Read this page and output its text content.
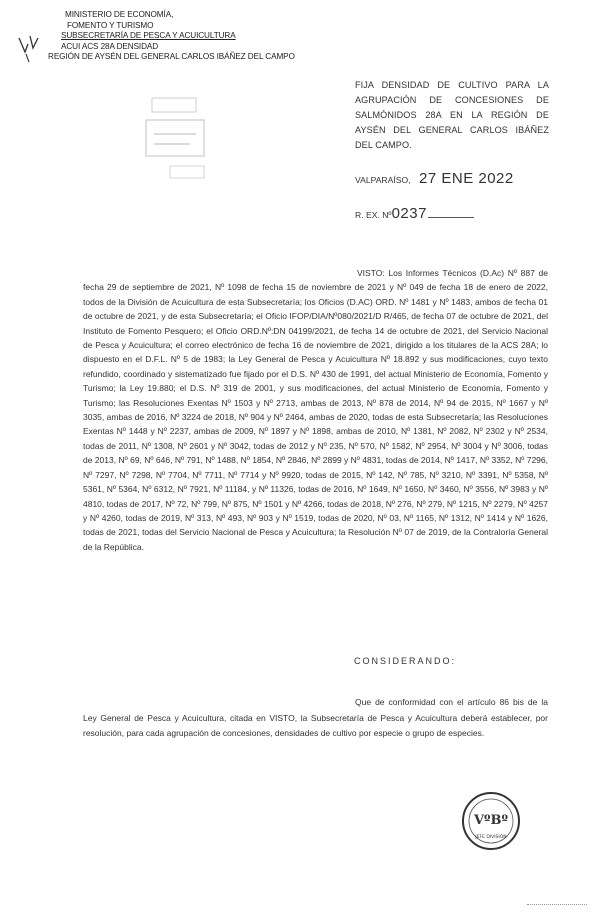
MINISTERIO DE ECONOMÍA,
FOMENTO Y TURISMO
SUBSECRETARÍA DE PESCA Y ACUICULTURA
ACUI ACS 28A DENSIDAD
REGIÓN DE AYSÉN DEL GENERAL CARLOS IBÁÑEZ DEL CAMPO
FIJA DENSIDAD DE CULTIVO PARA LA AGRUPACIÓN DE CONCESIONES DE SALMÓNIDOS 28A EN LA REGIÓN DE AYSÉN DEL GENERAL CARLOS IBÁÑEZ DEL CAMPO.
VALPARAÍSO, 27 ENE 2022
R. EX. Nº0237
VISTO: Los Informes Técnicos (D.Ac) Nº 887 de fecha 29 de septiembre de 2021, Nº 1098 de fecha 15 de noviembre de 2021 y Nº 049 de fecha 18 de enero de 2022, todos de la División de Acuicultura de esta Subsecretaría; los Oficios (D.AC) ORD. Nº 1481 y Nº 1483, ambos de fecha 01 de octubre de 2021, y de esta Subsecretaría; el Oficio IFOP/DIA/Nº080/2021/D R/465, de fecha 07 de octubre de 2021, del Instituto de Fomento Pesquero; el Oficio ORD.Nº:DN 04199/2021, de fecha 14 de octubre de 2021, del Servicio Nacional de Pesca y Acuicultura; el correo electrónico de fecha 16 de noviembre de 2021, dirigido a los titulares de la ACS 28A; lo dispuesto en el D.F.L. Nº 5 de 1983; la Ley General de Pesca y Acuicultura Nº 18.892 y sus modificaciones, cuyo texto refundido, coordinado y sistematizado fue fijado por el D.S. Nº 430 de 1991, del actual Ministerio de Economía, Fomento y Turismo; la Ley 19.880; el D.S. Nº 319 de 2001, y sus modificaciones, del actual Ministerio de Economía, Fomento y Turismo; las Resoluciones Exentas Nº 1503 y Nº 2713, ambas de 2013, Nº 878 de 2014, Nº 94 de 2015, Nº 1667 y Nº 3035, ambas de 2016, Nº 3224 de 2018, Nº 904 y Nº 2464, ambas de 2020, todas de esta Subsecretaría; las Resoluciones Exentas Nº 1448 y Nº 2237, ambas de 2009, Nº 1897 y Nº 1898, ambas de 2010, Nº 1381, Nº 2082, Nº 2302 y Nº 2534, todas de 2011, Nº 1308, Nº 2601 y Nº 3042, todas de 2012 y Nº 235, Nº 570, Nº 1582, Nº 2954, Nº 3004 y Nº 3006, todas de 2013, Nº 69, Nº 646, Nº 791, Nº 1488, Nº 1854, Nº 2846, Nº 2899 y Nº 4831, todas de 2014, Nº 1417, Nº 3352, Nº 7296, Nº 7297, Nº 7298, Nº 7704, Nº 7711, Nº 7714 y Nº 9920, todas de 2015, Nº 142, Nº 785, Nº 3210, Nº 3391, Nº 5358, Nº 5361, Nº 5364, Nº 6312, Nº 7921, Nº 11184, y Nº 11326, todas de 2016, Nº 1649, Nº 1650, Nº 3460, Nº 3556, Nº 3983 y Nº 4810, todas de 2017, Nº 72, Nº 799, Nº 875, Nº 1501 y Nº 4266, todas de 2018, Nº 276, Nº 279, Nº 1215, Nº 2279, Nº 4257 y Nº 4260, todas de 2019, Nº 313, Nº 493, Nº 903 y Nº 1519, todas de 2020, Nº 03, Nº 1165, Nº 1312, Nº 1414 y Nº 1626, todas de 2021, todas del Servicio Nacional de Pesca y Acuicultura; la Resolución Nº 07 de 2019, de la Contraloría General de la República.
CONSIDERANDO:
Que de conformidad con el artículo 86 bis de la Ley General de Pesca y Acuicultura, citada en VISTO, la Subsecretaría de Pesca y Acuicultura deberá establecer, por resolución, para cada agrupación de concesiones, densidades de cultivo por especie o grupo de especies.
VºBº
JEFE DIVISIÓN
